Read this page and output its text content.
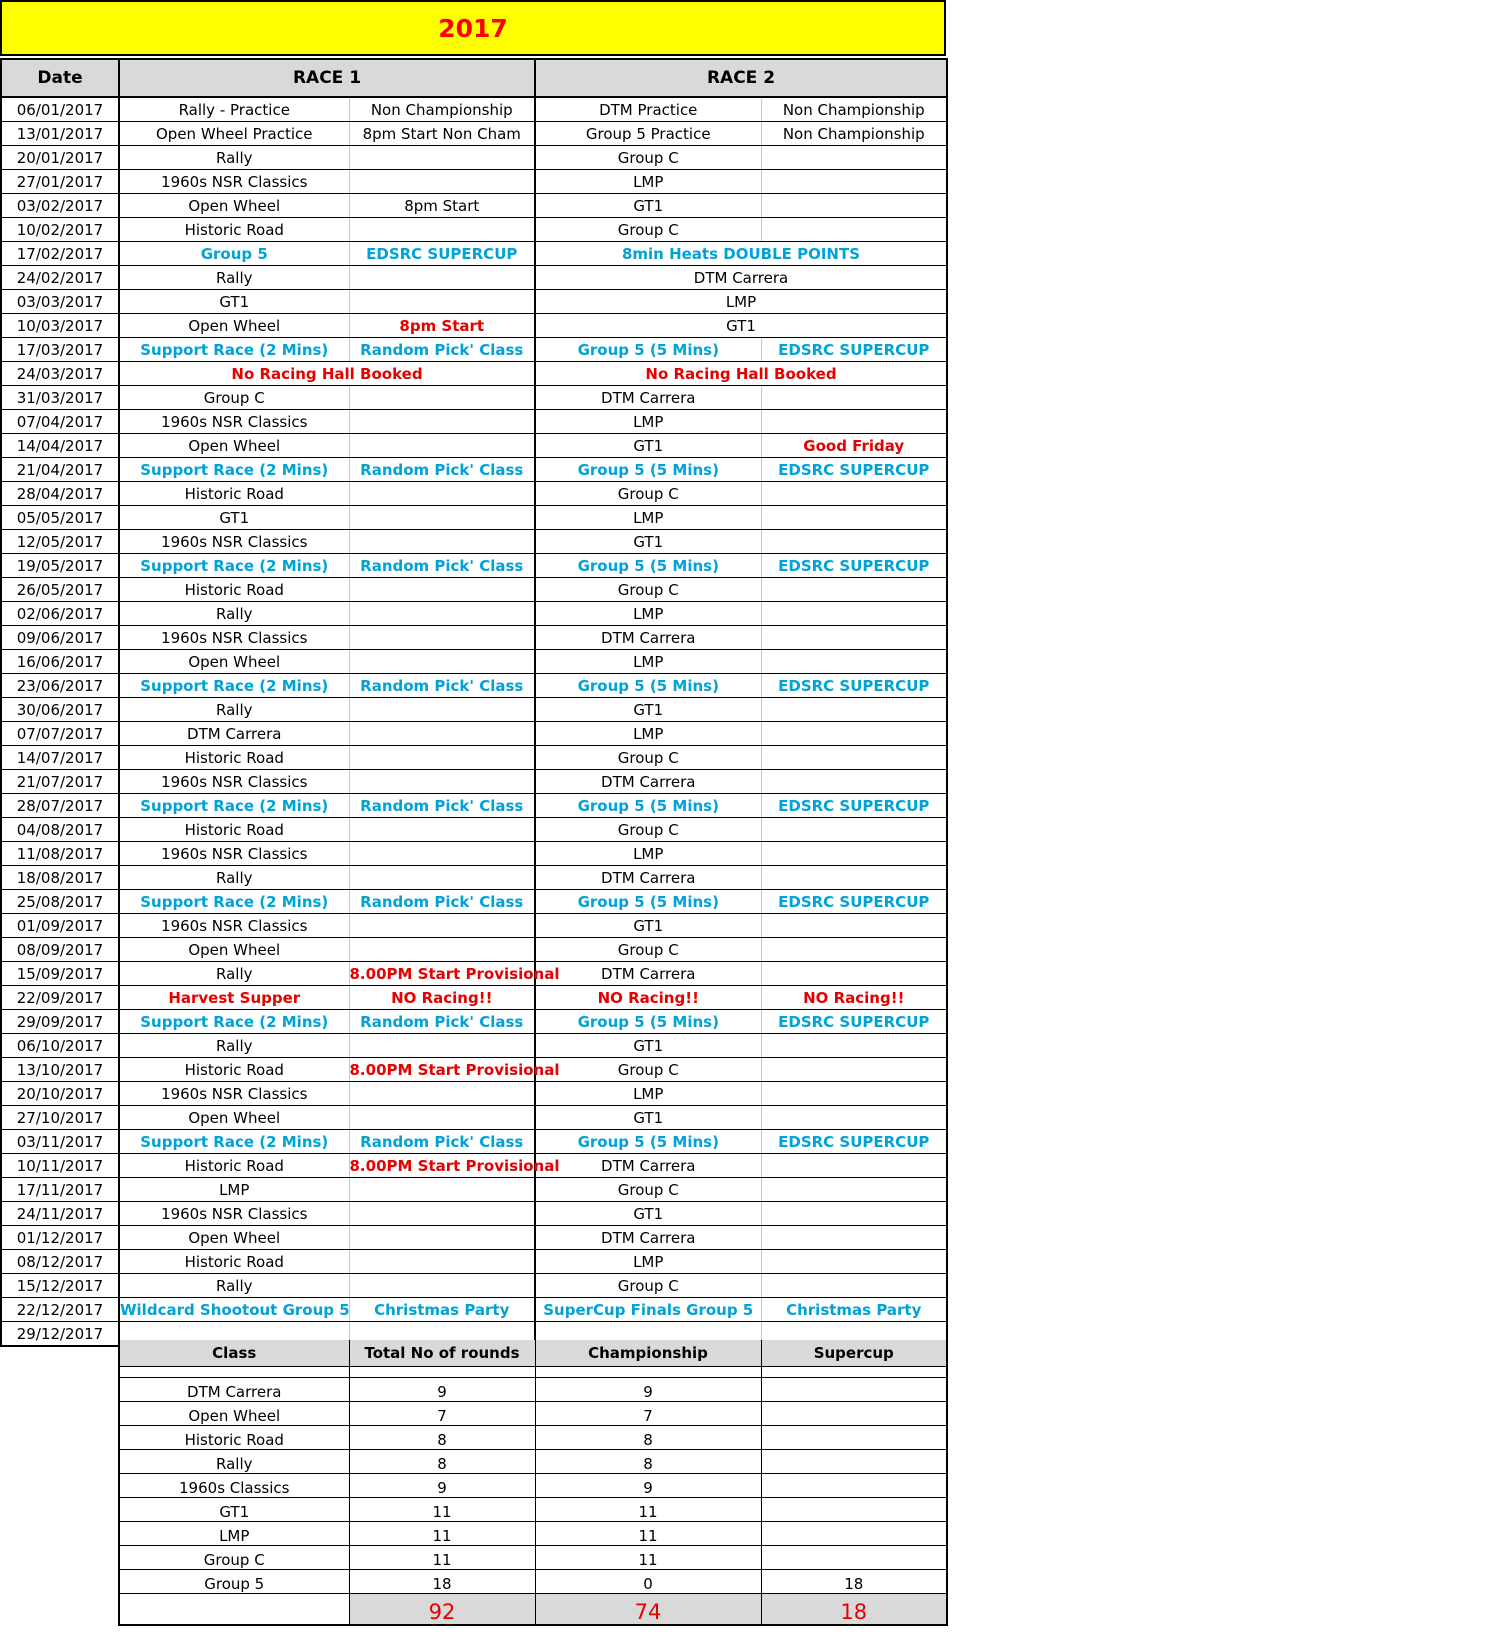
2017
Date	RACE 1		RACE 2	
06/01/2017	Rally - Practice	Non Championship	DTM Practice	Non Championship
13/01/2017	Open Wheel Practice	8pm Start Non Cham	Group 5 Practice	Non Championship
20/01/2017	Rally		Group C	
27/01/2017	1960s NSR Classics		LMP	
03/02/2017	Open Wheel	8pm Start	GT1	
10/02/2017	Historic Road		Group C	
17/02/2017	Group 5	EDSRC SUPERCUP	8min Heats DOUBLE POINTS	
24/02/2017	Rally		DTM Carrera	
03/03/2017	GT1		LMP	
10/03/2017	Open Wheel	8pm Start	GT1	
17/03/2017	Support Race (2 Mins)	Random Pick' Class	Group 5 (5 Mins)	EDSRC SUPERCUP
24/03/2017	No Racing Hall Booked		No Racing Hall Booked	
31/03/2017	Group C		DTM Carrera	
07/04/2017	1960s NSR Classics		LMP	
14/04/2017	Open Wheel		GT1	Good Friday
21/04/2017	Support Race (2 Mins)	Random Pick' Class	Group 5 (5 Mins)	EDSRC SUPERCUP
28/04/2017	Historic Road		Group C	
05/05/2017	GT1		LMP	
12/05/2017	1960s NSR Classics		GT1	
19/05/2017	Support Race (2 Mins)	Random Pick' Class	Group 5 (5 Mins)	EDSRC SUPERCUP
26/05/2017	Historic Road		Group C	
02/06/2017	Rally		LMP	
09/06/2017	1960s NSR Classics		DTM Carrera	
16/06/2017	Open Wheel		LMP	
23/06/2017	Support Race (2 Mins)	Random Pick' Class	Group 5 (5 Mins)	EDSRC SUPERCUP
30/06/2017	Rally		GT1	
07/07/2017	DTM Carrera		LMP	
14/07/2017	Historic Road		Group C	
21/07/2017	1960s NSR Classics		DTM Carrera	
28/07/2017	Support Race (2 Mins)	Random Pick' Class	Group 5 (5 Mins)	EDSRC SUPERCUP
04/08/2017	Historic Road		Group C	
11/08/2017	1960s NSR Classics		LMP	
18/08/2017	Rally		DTM Carrera	
25/08/2017	Support Race (2 Mins)	Random Pick' Class	Group 5 (5 Mins)	EDSRC SUPERCUP
01/09/2017	1960s NSR Classics		GT1	
08/09/2017	Open Wheel		Group C	
15/09/2017	Rally	8.00PM Start Provisional	DTM Carrera	
22/09/2017	Harvest Supper	NO Racing!!	NO Racing!!	NO Racing!!
29/09/2017	Support Race (2 Mins)	Random Pick' Class	Group 5 (5 Mins)	EDSRC SUPERCUP
06/10/2017	Rally		GT1	
13/10/2017	Historic Road	8.00PM Start Provisional	Group C	
20/10/2017	1960s NSR Classics		LMP	
27/10/2017	Open Wheel		GT1	
03/11/2017	Support Race (2 Mins)	Random Pick' Class	Group 5 (5 Mins)	EDSRC SUPERCUP
10/11/2017	Historic Road	8.00PM Start Provisional	DTM Carrera	
17/11/2017	LMP		Group C	
24/11/2017	1960s NSR Classics		GT1	
01/12/2017	Open Wheel		DTM Carrera	
08/12/2017	Historic Road		LMP	
15/12/2017	Rally		Group C	
22/12/2017	Wildcard Shootout Group 5	Christmas Party	SuperCup Finals Group 5	Christmas Party
29/12/2017				
Class	Total No of rounds	Championship	Supercup

DTM Carrera	9	9	
Open Wheel	7	7	
Historic Road	8	8	
Rally	8	8	
1960s Classics	9	9	
GT1	11	11	
LMP	11	11	
Group C	11	11	
Group 5	18	0	18
	92	74	18
